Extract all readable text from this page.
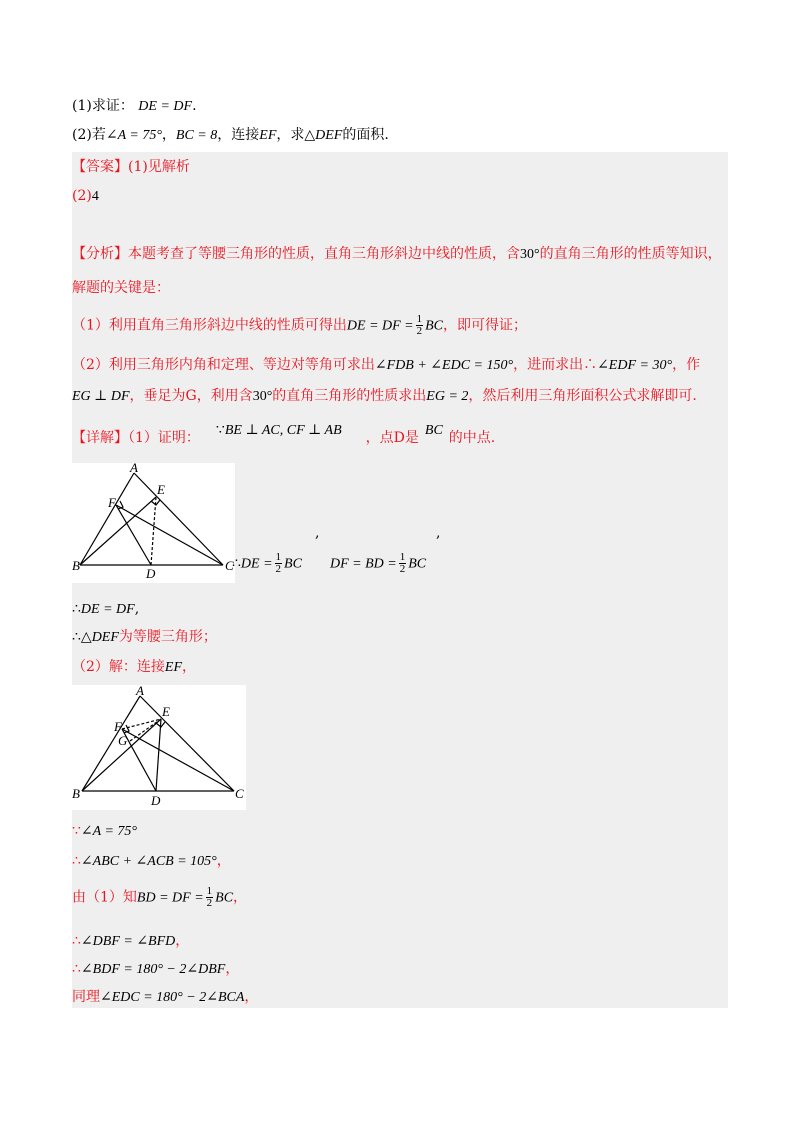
(1)求证： DE = DF.
(2)若∠A = 75°，BC = 8，连接EF，求△DEF的面积.
【答案】(1)见解析
(2)4
【分析】本题考查了等腰三角形的性质，直角三角形斜边中线的性质，含30°的直角三角形的性质等知识，
解题的关键是：
（1）利用直角三角形斜边中线的性质可得出DE = DF = $\frac{1}{2}$ BC，即可得证；
（2）利用三角形内角和定理、等边对等角可求出∠FDB + ∠EDC = 150°，进而求出∴∠EDF = 30°，作
EG ⊥ DF，垂足为G，利用含30°的直角三角形的性质求出EG = 2，然后利用三角形面积公式求解即可.
【详解】（1）证明： ∵BE ⊥ AC, CF ⊥ AB ，点D是 BC 的中点.
A
E
F
B
D
C
,	,
∴DE = $\frac{1}{2}$ BC DF = BD = $\frac{1}{2}$ BC
∴DE = DF,
∴△DEF为等腰三角形；
（2）解：连接EF，
A
E
F
G
B	D	C
∵∠A = 75°
∴∠ABC + ∠ACB = 105°，
由（1）知BD = DF = $\frac{1}{2}$ BC，
∴∠DBF = ∠BFD，
∴∠BDF = 180° − 2∠DBF，
同理∠EDC = 180° − 2∠BCA，
